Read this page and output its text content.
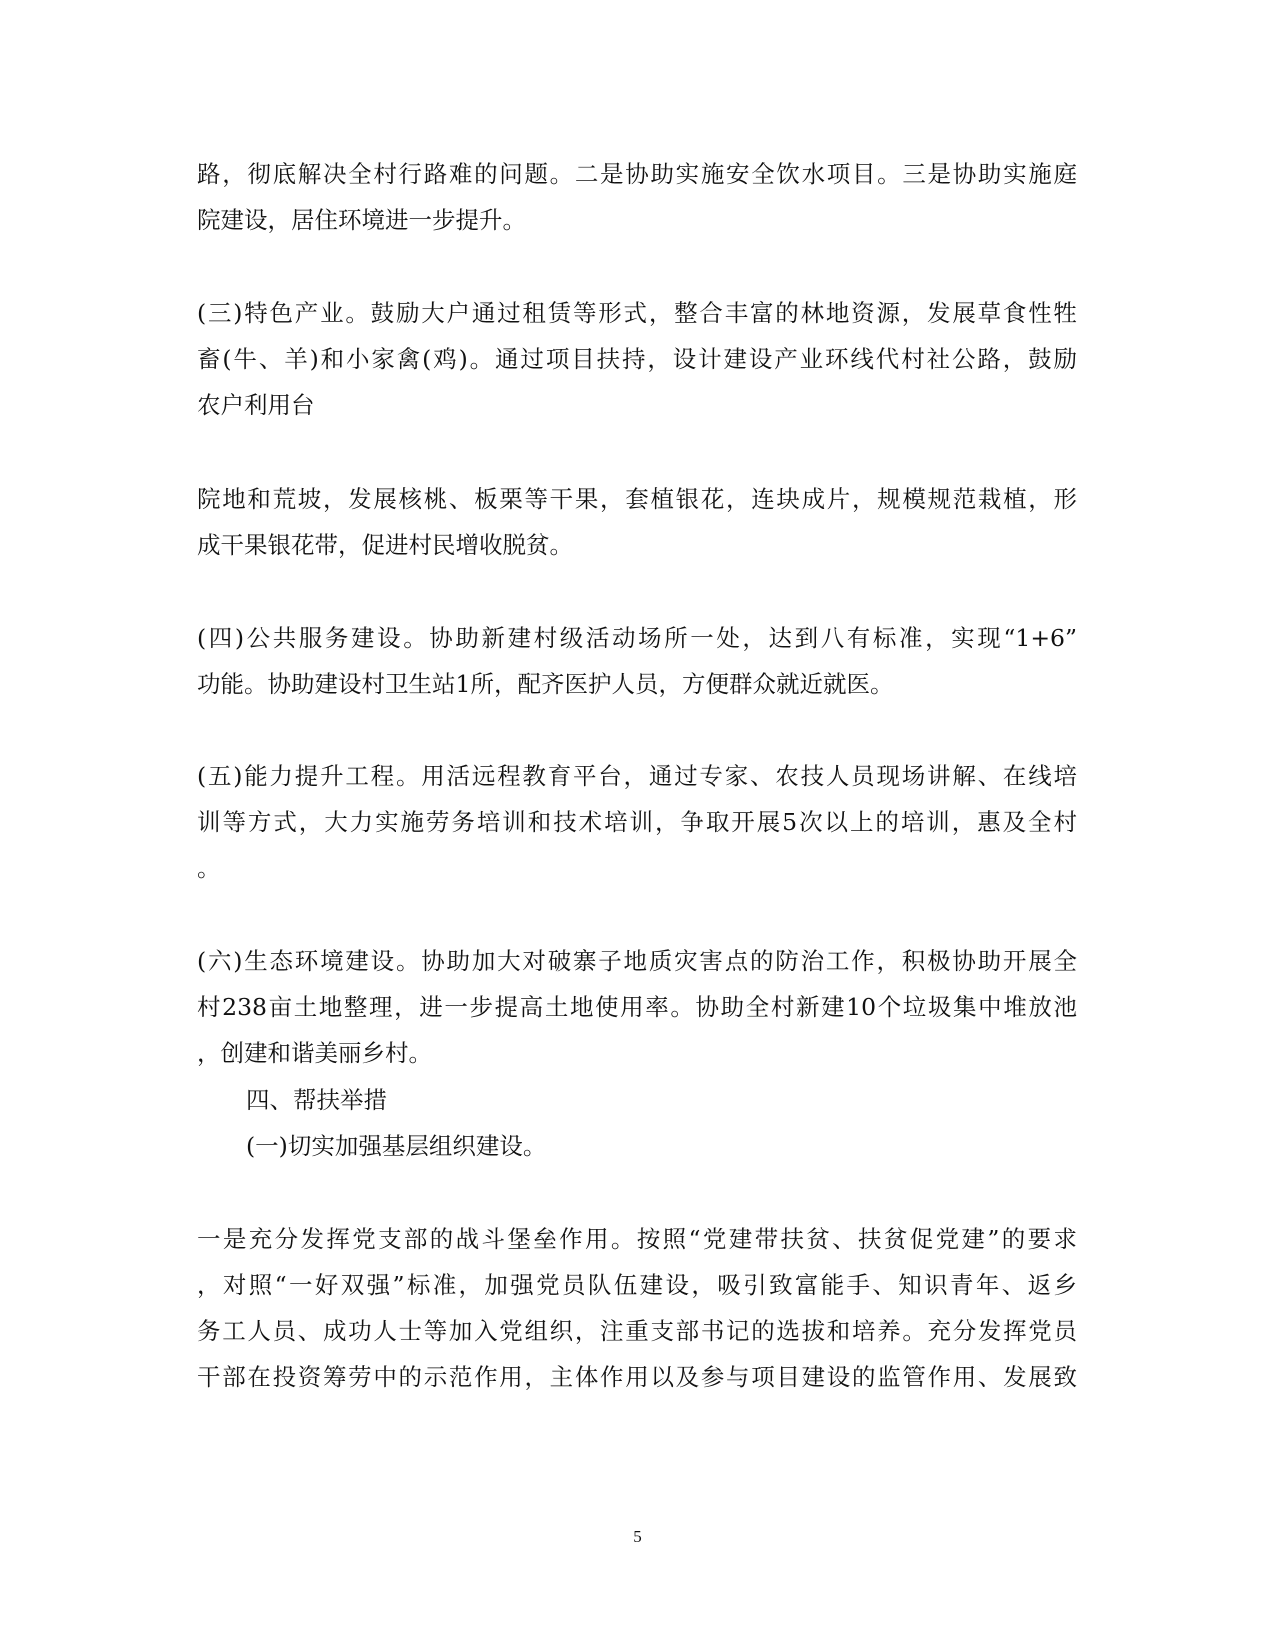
路，彻底解决全村行路难的问题。二是协助实施安全饮水项目。三是协助实施庭
院建设，居住环境进一步提升。
(三)特色产业。鼓励大户通过租赁等形式，整合丰富的林地资源，发展草食性牲
畜(牛、羊)和小家禽(鸡)。通过项目扶持，设计建设产业环线代村社公路，鼓励
农户利用台
院地和荒坡，发展核桃、板栗等干果，套植银花，连块成片，规模规范栽植，形
成干果银花带，促进村民增收脱贫。
(四)公共服务建设。协助新建村级活动场所一处，达到八有标准，实现“1+6”
功能。协助建设村卫生站1所，配齐医护人员，方便群众就近就医。
(五)能力提升工程。用活远程教育平台，通过专家、农技人员现场讲解、在线培
训等方式，大力实施劳务培训和技术培训，争取开展5次以上的培训，惠及全村
。
(六)生态环境建设。协助加大对破寨子地质灾害点的防治工作，积极协助开展全
村238亩土地整理，进一步提高土地使用率。协助全村新建10个垃圾集中堆放池
，创建和谐美丽乡村。
四、帮扶举措
(一)切实加强基层组织建设。
一是充分发挥党支部的战斗堡垒作用。按照“党建带扶贫、扶贫促党建”的要求
，对照“一好双强”标准，加强党员队伍建设，吸引致富能手、知识青年、返乡
务工人员、成功人士等加入党组织，注重支部书记的选拔和培养。充分发挥党员
干部在投资筹劳中的示范作用，主体作用以及参与项目建设的监管作用、发展致
5
